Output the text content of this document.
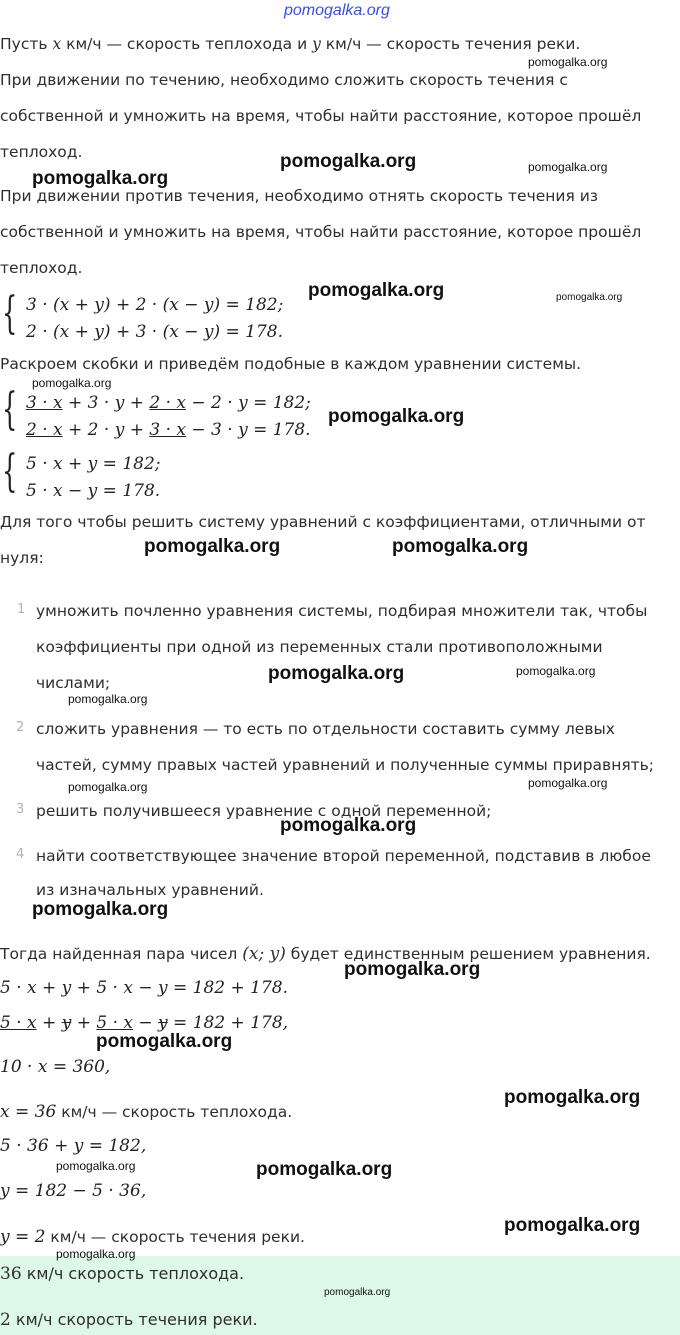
pomogalka.org
Пусть x км/ч — скорость теплохода и y км/ч — скорость течения реки.
При движении по течению, необходимо сложить скорость течения с
собственной и умножить на время, чтобы найти расстояние, которое прошёл
теплоход.
При движении против течения, необходимо отнять скорость течения из
собственной и умножить на время, чтобы найти расстояние, которое прошёл
теплоход.
{ 3 · (x + y) + 2 · (x − y) = 182;
2 · (x + y) + 3 · (x − y) = 178.
Раскроем скобки и приведём подобные в каждом уравнении системы.
{ 3 · x + 3 · y + 2 · x − 2 · y = 182;
2 · x + 2 · y + 3 · x − 3 · y = 178.
{ 5 · x + y = 182;
5 · x − y = 178.
Для того чтобы решить систему уравнений с коэффициентами, отличными от
нуля:
1 умножить почленно уравнения системы, подбирая множители так, чтобы
коэффициенты при одной из переменных стали противоположными
числами;
2 сложить уравнения — то есть по отдельности составить сумму левых
частей, сумму правых частей уравнений и полученные суммы приравнять;
3 решить получившееся уравнение с одной переменной;
4 найти соответствующее значение второй переменной, подставив в любое
из изначальных уравнений.
Тогда найденная пара чисел (x; y) будет единственным решением уравнения.
5 · x + y + 5 · x − y = 182 + 178.
5 · x + y + 5 · x − y = 182 + 178,
10 · x = 360,
x = 36 км/ч — скорость теплохода.
5 · 36 + y = 182,
y = 182 − 5 · 36,
y = 2 км/ч — скорость течения реки.
36 км/ч скорость теплохода.
2 км/ч скорость течения реки.
pomogalka.org
pomogalka.org	pomogalka.org
pomogalka.org
pomogalka.org	pomogalka.org
pomogalka.org
pomogalka.org
pomogalka.org	pomogalka.org
pomogalka.org	pomogalka.org
pomogalka.org
pomogalka.org
pomogalka.org
pomogalka.org
pomogalka.org
pomogalka.org
pomogalka.org
pomogalka.org
pomogalka.org	pomogalka.org
pomogalka.org
pomogalka.org
pomogalka.org
